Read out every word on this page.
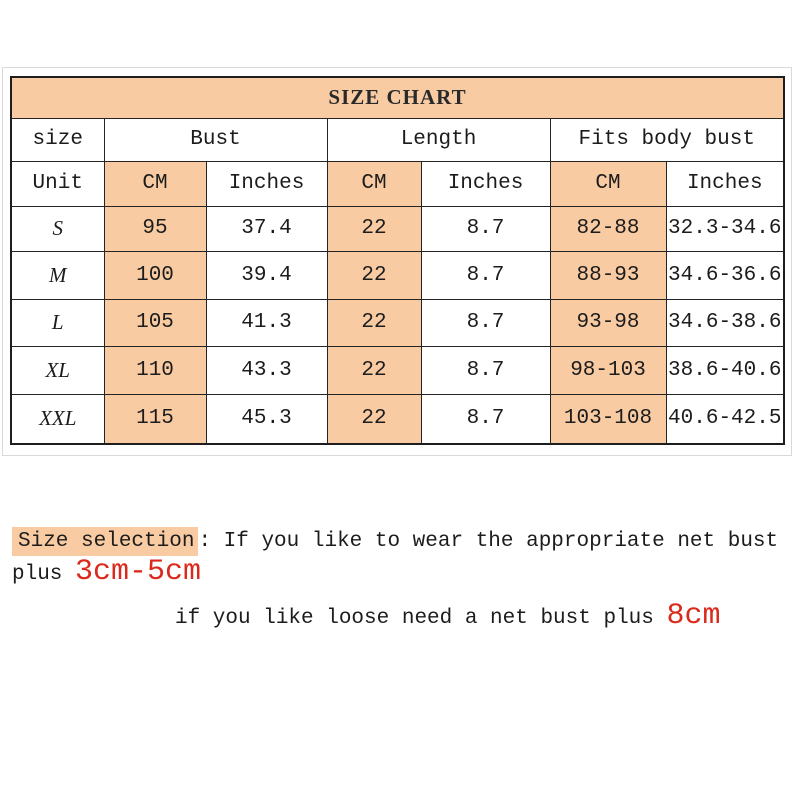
SIZE CHART						
size	Bust		Length		Fits body bust	
Unit	CM	Inches	CM	Inches	CM	Inches
S	95	37.4	22	8.7	82-88	32.3-34.6
M	100	39.4	22	8.7	88-93	34.6-36.6
L	105	41.3	22	8.7	93-98	34.6-38.6
XL	110	43.3	22	8.7	98-103	38.6-40.6
XXL	115	45.3	22	8.7	103-108	40.6-42.5
Size selection : If you like to wear the appropriate net bust plus 3cm-5cm
if you like loose need a net bust plus 8cm
